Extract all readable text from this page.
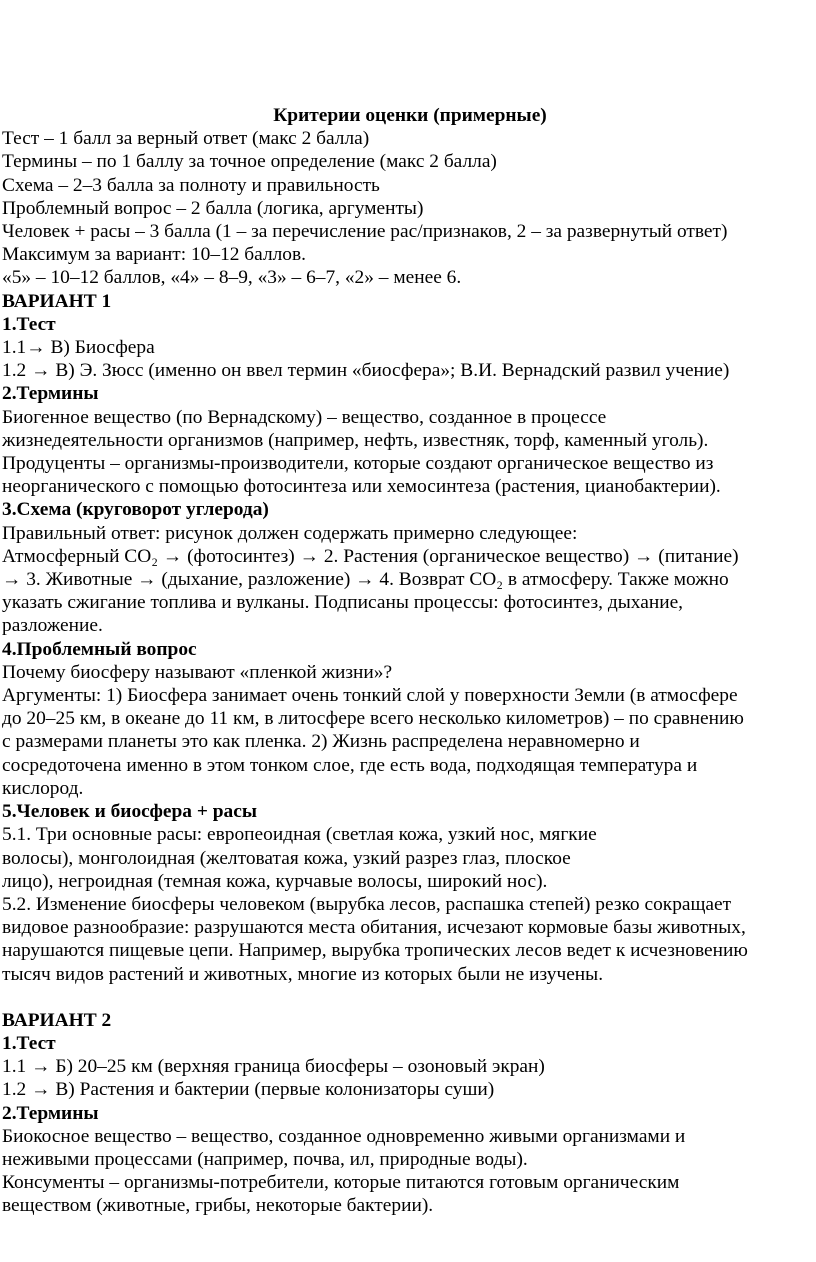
Критерии оценки (примерные)
Тест – 1 балл за верный ответ (макс 2 балла)
Термины – по 1 баллу за точное определение (макс 2 балла)
Схема – 2–3 балла за полноту и правильность
Проблемный вопрос – 2 балла (логика, аргументы)
Человек + расы – 3 балла (1 – за перечисление рас/признаков, 2 – за развернутый ответ)
Максимум за вариант: 10–12 баллов.
«5» – 10–12 баллов, «4» – 8–9, «3» – 6–7, «2» – менее 6.
ВАРИАНТ 1
1.Тест
1.1→ В) Биосфера
1.2 → В) Э. Зюсс (именно он ввел термин «биосфера»; В.И. Вернадский развил учение)
2.Термины
Биогенное вещество (по Вернадскому) – вещество, созданное в процессе
жизнедеятельности организмов (например, нефть, известняк, торф, каменный уголь).
Продуценты – организмы-производители, которые создают органическое вещество из
неорганического с помощью фотосинтеза или хемосинтеза (растения, цианобактерии).
3.Схема (круговорот углерода)
Правильный ответ: рисунок должен содержать примерно следующее:
Атмосферный CO₂ → (фотосинтез) → 2. Растения (органическое вещество) → (питание)
→ 3. Животные → (дыхание, разложение) → 4. Возврат CO₂ в атмосферу. Также можно
указать сжигание топлива и вулканы. Подписаны процессы: фотосинтез, дыхание,
разложение.
4.Проблемный вопрос
Почему биосферу называют «пленкой жизни»?
Аргументы: 1) Биосфера занимает очень тонкий слой у поверхности Земли (в атмосфере
до 20–25 км, в океане до 11 км, в литосфере всего несколько километров) – по сравнению
с размерами планеты это как пленка. 2) Жизнь распределена неравномерно и
сосредоточена именно в этом тонком слое, где есть вода, подходящая температура и
кислород.
5.Человек и биосфера + расы
5.1. Три основные расы: европеоидная (светлая кожа, узкий нос, мягкие
волосы), монголоидная (желтоватая кожа, узкий разрез глаз, плоское
лицо), негроидная (темная кожа, курчавые волосы, широкий нос).
5.2. Изменение биосферы человеком (вырубка лесов, распашка степей) резко сокращает
видовое разнообразие: разрушаются места обитания, исчезают кормовые базы животных,
нарушаются пищевые цепи. Например, вырубка тропических лесов ведет к исчезновению
тысяч видов растений и животных, многие из которых были не изучены.
ВАРИАНТ 2
1.Тест
1.1 → Б) 20–25 км (верхняя граница биосферы – озоновый экран)
1.2 → В) Растения и бактерии (первые колонизаторы суши)
2.Термины
Биокосное вещество – вещество, созданное одновременно живыми организмами и
неживыми процессами (например, почва, ил, природные воды).
Консументы – организмы-потребители, которые питаются готовым органическим
веществом (животные, грибы, некоторые бактерии).
